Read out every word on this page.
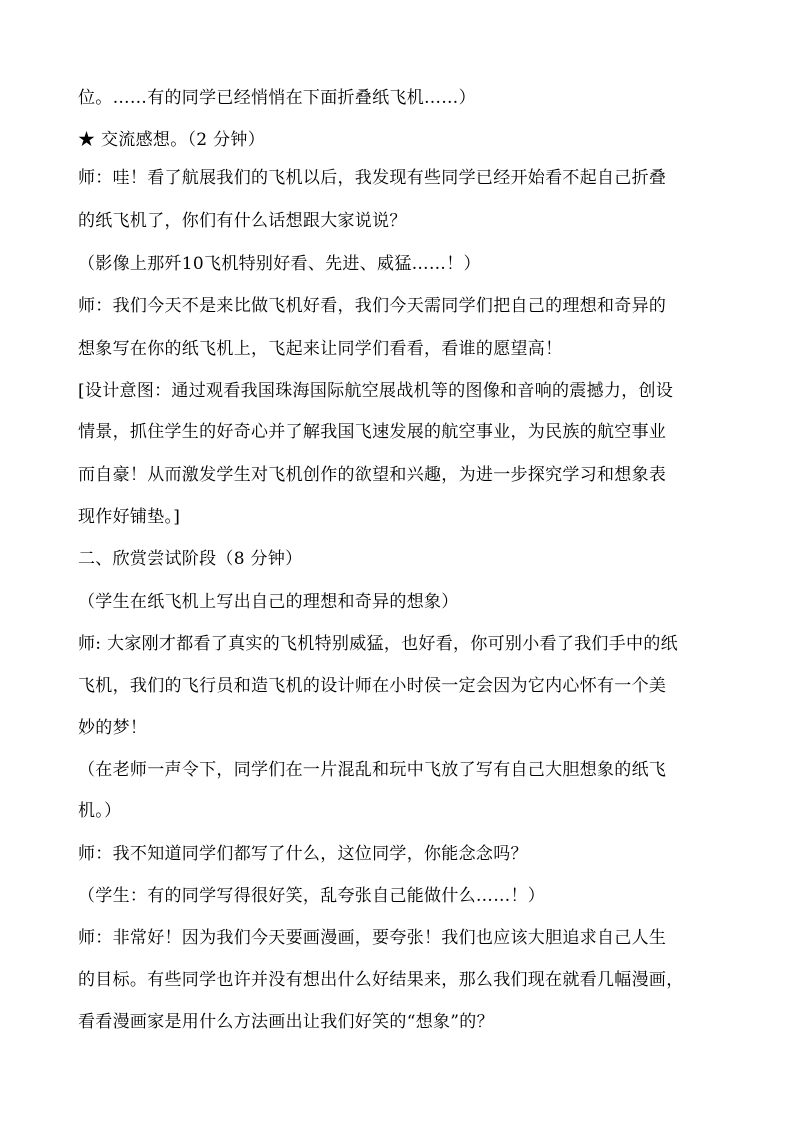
位。……有的同学已经悄悄在下面折叠纸飞机……）
★ 交流感想。（2 分钟）
师：哇！看了航展我们的飞机以后，我发现有些同学已经开始看不起自己折叠
的纸飞机了，你们有什么话想跟大家说说？
（影像上那歼10飞机特别好看、先进、威猛……！）
师：我们今天不是来比做飞机好看，我们今天需同学们把自己的理想和奇异的
想象写在你的纸飞机上，飞起来让同学们看看，看谁的愿望高！
[设计意图：通过观看我国珠海国际航空展战机等的图像和音响的震撼力，创设
情景，抓住学生的好奇心并了解我国飞速发展的航空事业，为民族的航空事业
而自豪！从而激发学生对飞机创作的欲望和兴趣，为进一步探究学习和想象表
现作好铺垫。]
二、欣赏尝试阶段（8 分钟）
（学生在纸飞机上写出自己的理想和奇异的想象）
师: 大家刚才都看了真实的飞机特别威猛，也好看，你可别小看了我们手中的纸
飞机，我们的飞行员和造飞机的设计师在小时侯一定会因为它内心怀有一个美
妙的梦！
（在老师一声令下，同学们在一片混乱和玩中飞放了写有自己大胆想象的纸飞
机。）
师：我不知道同学们都写了什么，这位同学，你能念念吗？
（学生：有的同学写得很好笑，乱夸张自己能做什么……！）
师：非常好！因为我们今天要画漫画，要夸张！我们也应该大胆追求自己人生
的目标。有些同学也许并没有想出什么好结果来，那么我们现在就看几幅漫画，
看看漫画家是用什么方法画出让我们好笑的“想象”的？
